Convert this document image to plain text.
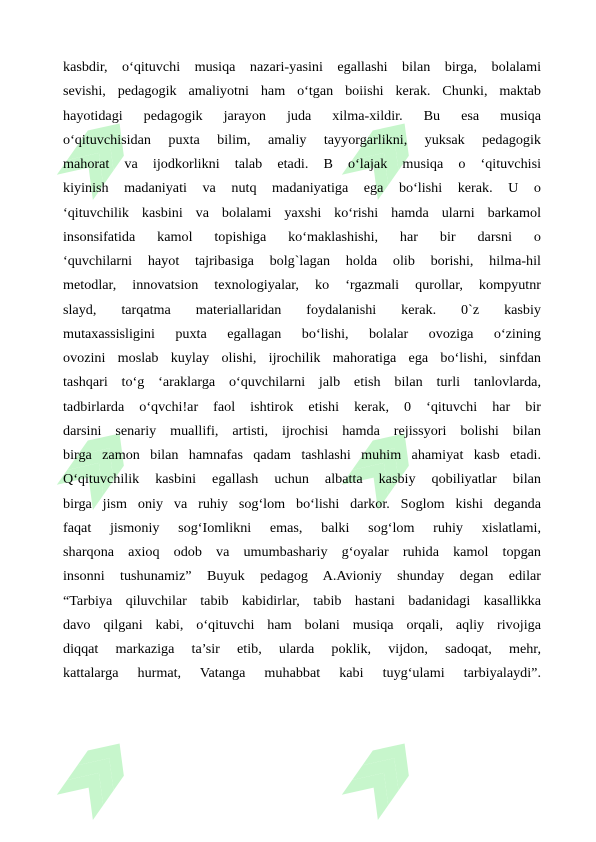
kasbdir, o‘qituvchi musiqa nazari-yasini egallashi bilan birga, bolalami
sevishi, pedagogik amaliyotni ham o‘tgan boiishi kerak. Chunki, maktab
hayotidagi pedagogik jarayon juda xilma-xildir. Bu esa musiqa
o‘qituvchisidan puxta bilim, amaliy tayyorgarlikni, yuksak pedagogik
mahorat va ijodkorlikni talab etadi. B o‘lajak musiqa o ‘qituvchisi
kiyinish madaniyati va nutq madaniyatiga ega bo‘lishi kerak. U o
‘qituvchilik kasbini va bolalami yaxshi ko‘rishi hamda ularni barkamol
insonsifatida kamol topishiga ko‘maklashishi, har bir darsni o
‘quvchilarni hayot tajribasiga bolg`lagan holda olib borishi, hilma-hil
metodlar, innovatsion texnologiyalar, ko ‘rgazmali qurollar, kompyutnr
slayd, tarqatma materiallaridan foydalanishi kerak. 0`z kasbiy
mutaxassisligini puxta egallagan bo‘lishi, bolalar ovoziga o‘zining
ovozini moslab kuylay olishi, ijrochilik mahoratiga ega bo‘lishi, sinfdan
tashqari to‘g ‘araklarga o‘quvchilarni jalb etish bilan turli tanlovlarda,
tadbirlarda o‘qvchi!ar faol ishtirok etishi kerak, 0 ‘qituvchi har bir
darsini senariy muallifi, artisti, ijrochisi hamda rejissyori bolishi bilan
birga zamon bilan hamnafas qadam tashlashi muhim ahamiyat kasb etadi.
Q‘qituvchilik kasbini egallash uchun albatta kasbiy qobiliyatlar bilan
birga jism oniy va ruhiy sog‘lom bo‘lishi darkor. Soglom kishi deganda
faqat jismoniy sog‘Iomlikni emas, balki sog‘lom ruhiy xislatlami,
sharqona axioq odob va umumbashariy g‘oyalar ruhida kamol topgan
insonni tushunamiz” Buyuk pedagog A.Avioniy shunday degan edilar
“Tarbiya qiluvchilar tabib kabidirlar, tabib hastani badanidagi kasallikka
davo qilgani kabi, o‘qituvchi ham bolani musiqa orqali, aqliy rivojiga
diqqat markaziga ta’sir etib, ularda poklik, vijdon, sadoqat, mehr,
kattalarga hurmat, Vatanga muhabbat kabi tuyg‘ulami tarbiyalaydi”.
